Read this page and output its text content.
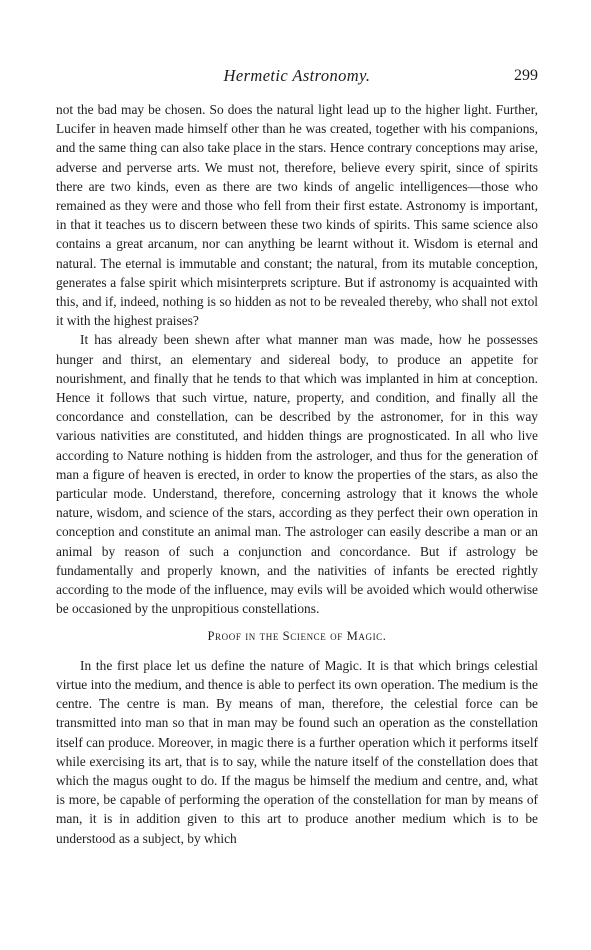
Hermetic Astronomy.	299

not the bad may be chosen. So does the natural light lead up to the higher light. Further, Lucifer in heaven made himself other than he was created, together with his companions, and the same thing can also take place in the stars. Hence contrary conceptions may arise, adverse and perverse arts. We must not, therefore, believe every spirit, since of spirits there are two kinds, even as there are two kinds of angelic intelligences—those who remained as they were and those who fell from their first estate. Astronomy is important, in that it teaches us to discern between these two kinds of spirits. This same science also contains a great arcanum, nor can anything be learnt without it. Wisdom is eternal and natural. The eternal is immutable and constant; the natural, from its mutable conception, generates a false spirit which misinterprets scripture. But if astronomy is acquainted with this, and if, indeed, nothing is so hidden as not to be revealed thereby, who shall not extol it with the highest praises?

It has already been shewn after what manner man was made, how he possesses hunger and thirst, an elementary and sidereal body, to produce an appetite for nourishment, and finally that he tends to that which was implanted in him at conception. Hence it follows that such virtue, nature, property, and condition, and finally all the concordance and constellation, can be described by the astronomer, for in this way various nativities are constituted, and hidden things are prognosticated. In all who live according to Nature nothing is hidden from the astrologer, and thus for the generation of man a figure of heaven is erected, in order to know the properties of the stars, as also the particular mode. Understand, therefore, concerning astrology that it knows the whole nature, wisdom, and science of the stars, according as they perfect their own operation in conception and constitute an animal man. The astrologer can easily describe a man or an animal by reason of such a conjunction and concordance. But if astrology be fundamentally and properly known, and the nativities of infants be erected rightly according to the mode of the influence, may evils will be avoided which would otherwise be occasioned by the unpropitious constellations.

Proof in the Science of Magic.

In the first place let us define the nature of Magic. It is that which brings celestial virtue into the medium, and thence is able to perfect its own operation. The medium is the centre. The centre is man. By means of man, therefore, the celestial force can be transmitted into man so that in man may be found such an operation as the constellation itself can produce. Moreover, in magic there is a further operation which it performs itself while exercising its art, that is to say, while the nature itself of the constellation does that which the magus ought to do. If the magus be himself the medium and centre, and, what is more, be capable of performing the operation of the constellation for man by means of man, it is in addition given to this art to produce another medium which is to be understood as a subject, by which
